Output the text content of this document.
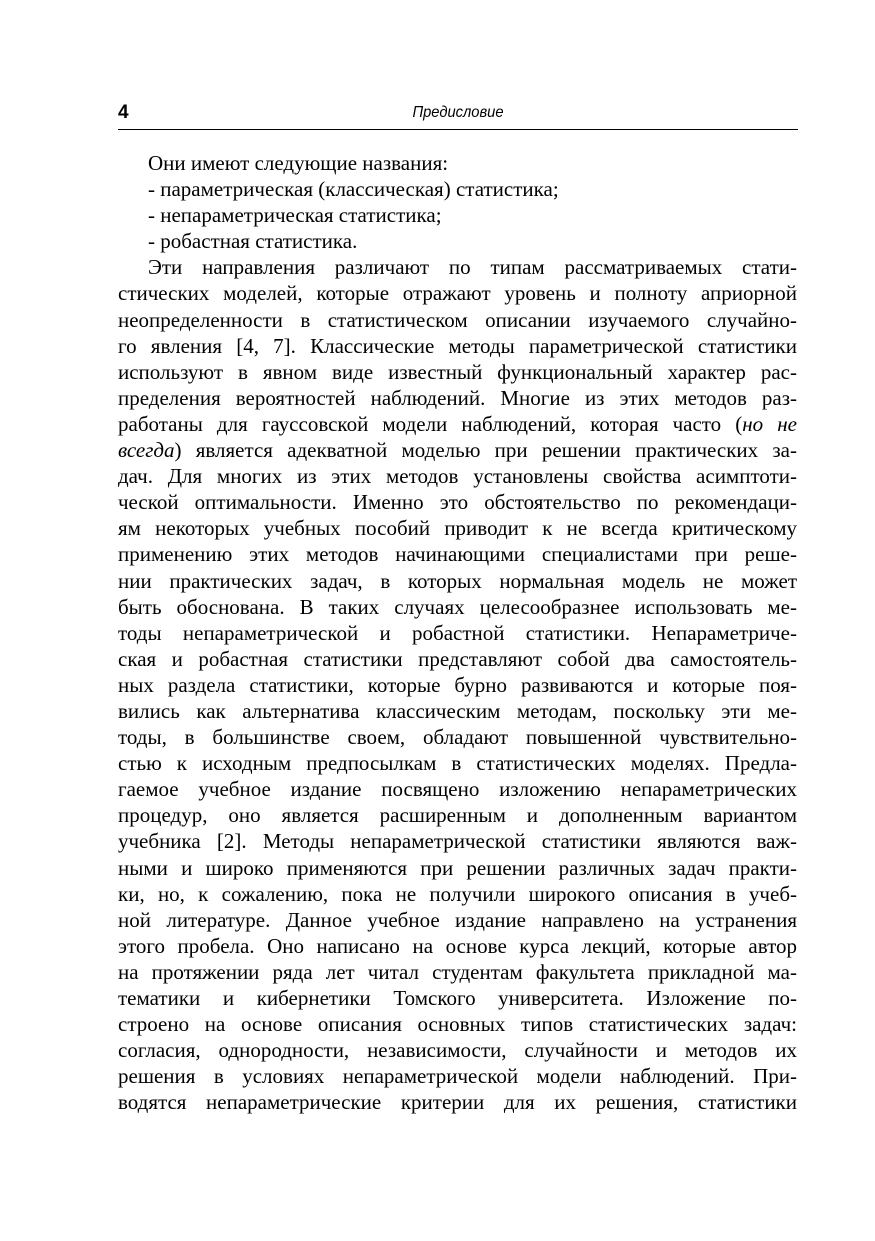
4	Предисловие
Они имеют следующие названия:
- параметрическая (классическая) статистика;
- непараметрическая статистика;
- робастная статистика.
Эти направления различают по типам рассматриваемых стати-
стических моделей, которые отражают уровень и полноту априорной
неопределенности в статистическом описании изучаемого случайно-
го явления [4, 7]. Классические методы параметрической статистики
используют в явном виде известный функциональный характер рас-
пределения вероятностей наблюдений. Многие из этих методов раз-
работаны для гауссовской модели наблюдений, которая часто (но не
всегда) является адекватной моделью при решении практических за-
дач. Для многих из этих методов установлены свойства асимптоти-
ческой оптимальности. Именно это обстоятельство по рекомендаци-
ям некоторых учебных пособий приводит к не всегда критическому
применению этих методов начинающими специалистами при реше-
нии практических задач, в которых нормальная модель не может
быть обоснована. В таких случаях целесообразнее использовать ме-
тоды непараметрической и робастной статистики. Непараметриче-
ская и робастная статистики представляют собой два самостоятель-
ных раздела статистики, которые бурно развиваются и которые поя-
вились как альтернатива классическим методам, поскольку эти ме-
тоды, в большинстве своем, обладают повышенной чувствительно-
стью к исходным предпосылкам в статистических моделях. Предла-
гаемое учебное издание посвящено изложению непараметрических
процедур, оно является расширенным и дополненным вариантом
учебника [2]. Методы непараметрической статистики являются важ-
ными и широко применяются при решении различных задач практи-
ки, но, к сожалению, пока не получили широкого описания в учеб-
ной литературе. Данное учебное издание направлено на устранения
этого пробела. Оно написано на основе курса лекций, которые автор
на протяжении ряда лет читал студентам факультета прикладной ма-
тематики и кибернетики Томского университета. Изложение по-
строено на основе описания основных типов статистических задач:
согласия, однородности, независимости, случайности и методов их
решения в условиях непараметрической модели наблюдений. При-
водятся непараметрические критерии для их решения, статистики
